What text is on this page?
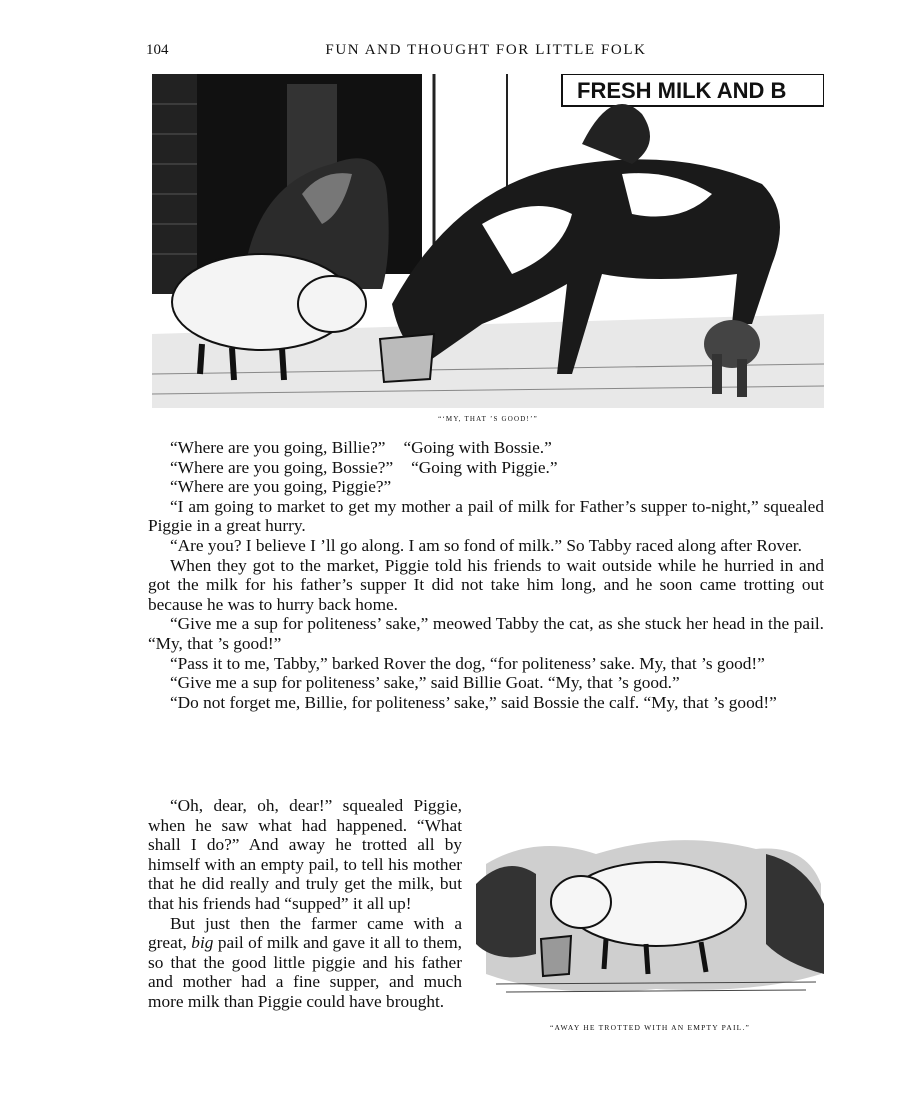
104	FUN AND THOUGHT FOR LITTLE FOLK
FRESH MILK AND B
“‘MY, THAT ’S GOOD!’”

“Where are you going, Billie?” “Going with Bossie.”

“Where are you going, Bossie?” “Going with Piggie.”

“Where are you going, Piggie?”

“I am going to market to get my mother a pail of milk for Father’s supper to-night,” squealed Piggie in a great hurry.

“Are you? I believe I ’ll go along. I am so fond of milk.” So Tabby raced along after Rover.

When they got to the market, Piggie told his friends to wait outside while he hurried in and got the milk for his father’s supper It did not take him long, and he soon came trotting out because he was to hurry back home.

“Give me a sup for politeness’ sake,” meowed Tabby the cat, as she stuck her head in the pail. “My, that ’s good!”

“Pass it to me, Tabby,” barked Rover the dog, “for politeness’ sake. My, that ’s good!”

“Give me a sup for politeness’ sake,” said Billie Goat. “My, that ’s good.”

“Do not forget me, Billie, for politeness’ sake,” said Bossie the calf. “My, that ’s good!”

“AWAY HE TROTTED WITH AN EMPTY PAIL.”

“Oh, dear, oh, dear!” squealed Piggie, when he saw what had happened. “What shall I do?” And away he trotted all by himself with an empty pail, to tell his mother that he did really and truly get the milk, but that his friends had “supped” it all up!

But just then the farmer came with a great, big pail of milk and gave it all to them, so that the good little piggie and his father and mother had a fine supper, and much more milk than Piggie could have brought.
